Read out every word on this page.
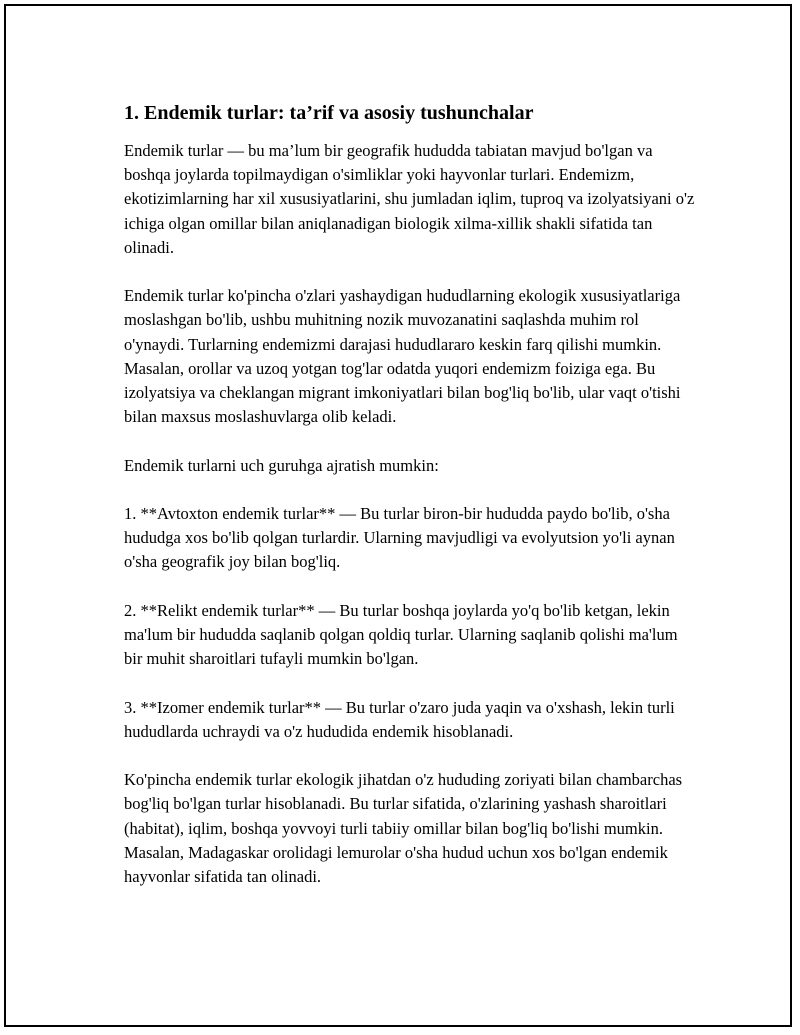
1. Endemik turlar: ta’rif va asosiy tushunchalar

Endemik turlar — bu ma’lum bir geografik hududda tabiatan mavjud bo'lgan va boshqa joylarda topilmaydigan o'simliklar yoki hayvonlar turlari. Endemizm, ekotizimlarning har xil xususiyatlarini, shu jumladan iqlim, tuproq va izolyatsiyani o'z ichiga olgan omillar bilan aniqlanadigan biologik xilma-xillik shakli sifatida tan olinadi.

Endemik turlar ko'pincha o'zlari yashaydigan hududlarning ekologik xususiyatlariga moslashgan bo'lib, ushbu muhitning nozik muvozanatini saqlashda muhim rol o'ynaydi. Turlarning endemizmi darajasi hududlararo keskin farq qilishi mumkin. Masalan, orollar va uzoq yotgan tog'lar odatda yuqori endemizm foiziga ega. Bu izolyatsiya va cheklangan migrant imkoniyatlari bilan bog'liq bo'lib, ular vaqt o'tishi bilan maxsus moslashuvlarga olib keladi.

Endemik turlarni uch guruhga ajratish mumkin:

1. **Avtoxton endemik turlar** — Bu turlar biron-bir hududda paydo bo'lib, o'sha hududga xos bo'lib qolgan turlardir. Ularning mavjudligi va evolyutsion yo'li aynan o'sha geografik joy bilan bog'liq.

2. **Relikt endemik turlar** — Bu turlar boshqa joylarda yo'q bo'lib ketgan, lekin ma'lum bir hududda saqlanib qolgan qoldiq turlar. Ularning saqlanib qolishi ma'lum bir muhit sharoitlari tufayli mumkin bo'lgan.

3. **Izomer endemik turlar** — Bu turlar o'zaro juda yaqin va o'xshash, lekin turli hududlarda uchraydi va o'z hududida endemik hisoblanadi.

Ko'pincha endemik turlar ekologik jihatdan o'z hududing zoriyati bilan chambarchas bog'liq bo'lgan turlar hisoblanadi. Bu turlar sifatida, o'zlarining yashash sharoitlari (habitat), iqlim, boshqa yovvoyi turli tabiiy omillar bilan bog'liq bo'lishi mumkin. Masalan, Madagaskar orolidagi lemurolar o'sha hudud uchun xos bo'lgan endemik hayvonlar sifatida tan olinadi.
